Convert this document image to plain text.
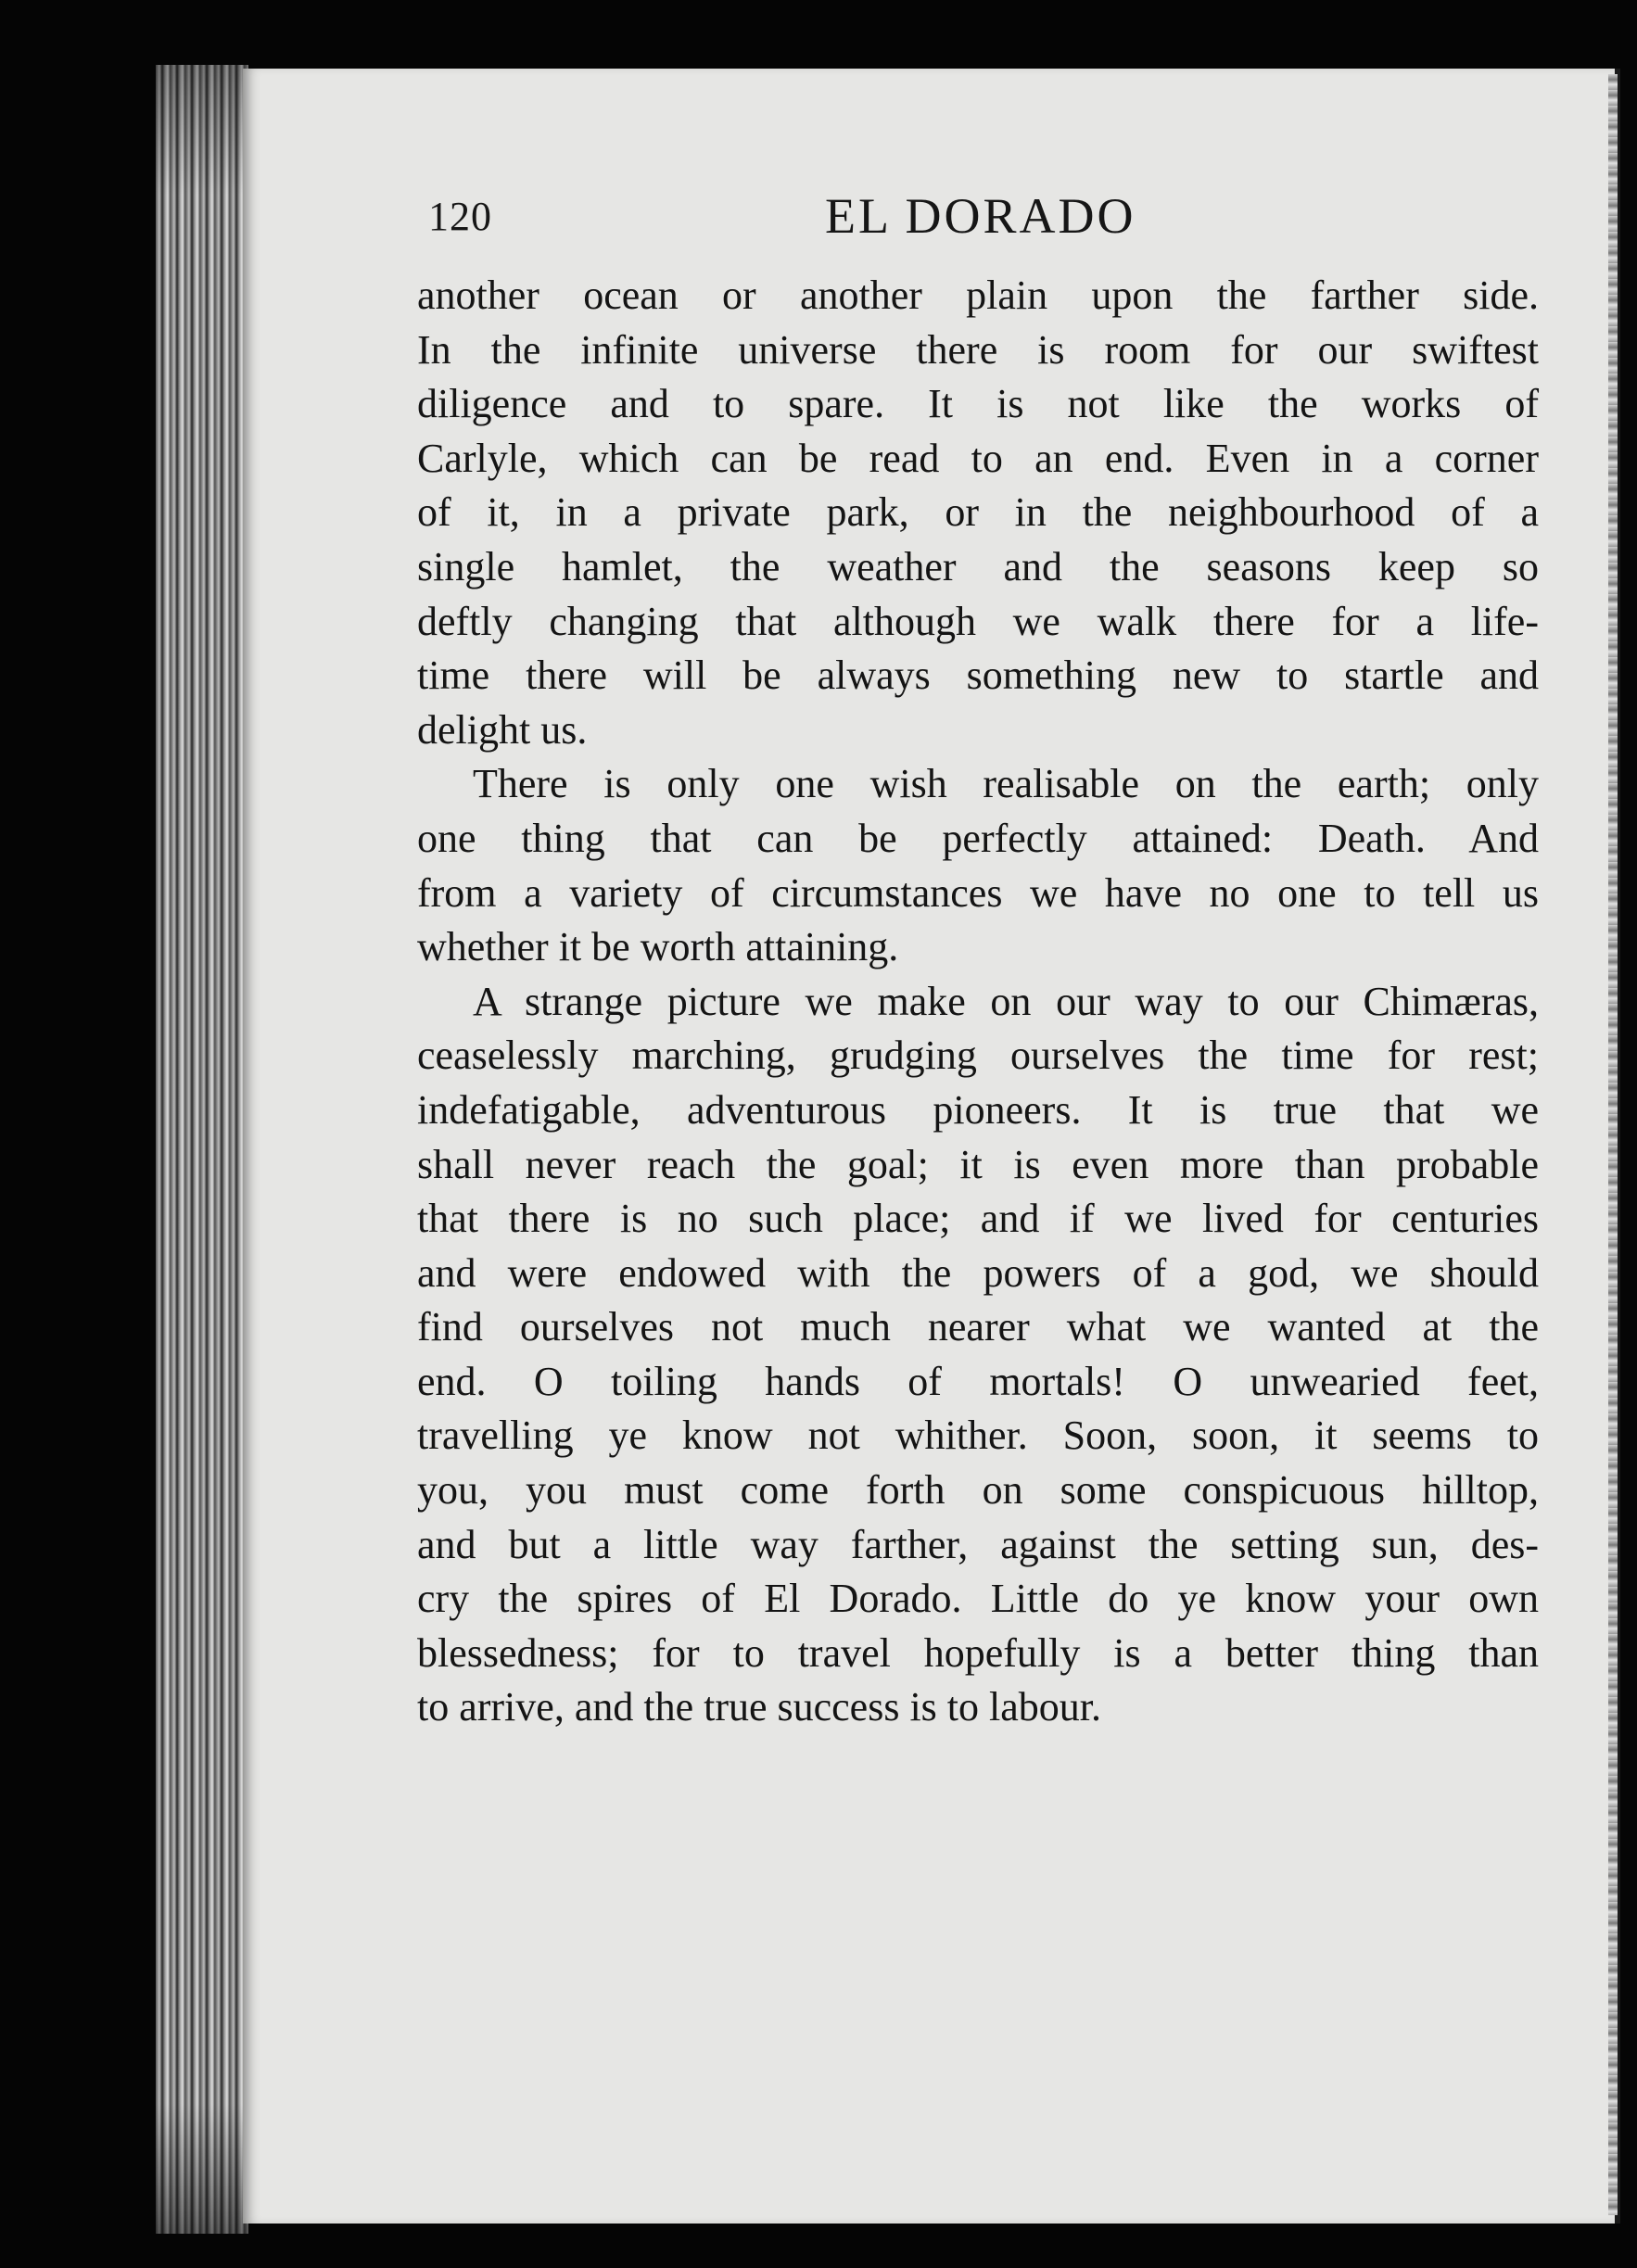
120	EL DORADO
another ocean or another plain upon the farther side.
In the infinite universe there is room for our swiftest
diligence and to spare. It is not like the works of
Carlyle, which can be read to an end. Even in a corner
of it, in a private park, or in the neighbourhood of a
single hamlet, the weather and the seasons keep so
deftly changing that although we walk there for a life-
time there will be always something new to startle and
delight us.
There is only one wish realisable on the earth; only
one thing that can be perfectly attained: Death. And
from a variety of circumstances we have no one to tell us
whether it be worth attaining.
A strange picture we make on our way to our Chimæras,
ceaselessly marching, grudging ourselves the time for rest;
indefatigable, adventurous pioneers. It is true that we
shall never reach the goal; it is even more than probable
that there is no such place; and if we lived for centuries
and were endowed with the powers of a god, we should
find ourselves not much nearer what we wanted at the
end. O toiling hands of mortals! O unwearied feet,
travelling ye know not whither. Soon, soon, it seems to
you, you must come forth on some conspicuous hilltop,
and but a little way farther, against the setting sun, des-
cry the spires of El Dorado. Little do ye know your own
blessedness; for to travel hopefully is a better thing than
to arrive, and the true success is to labour.
